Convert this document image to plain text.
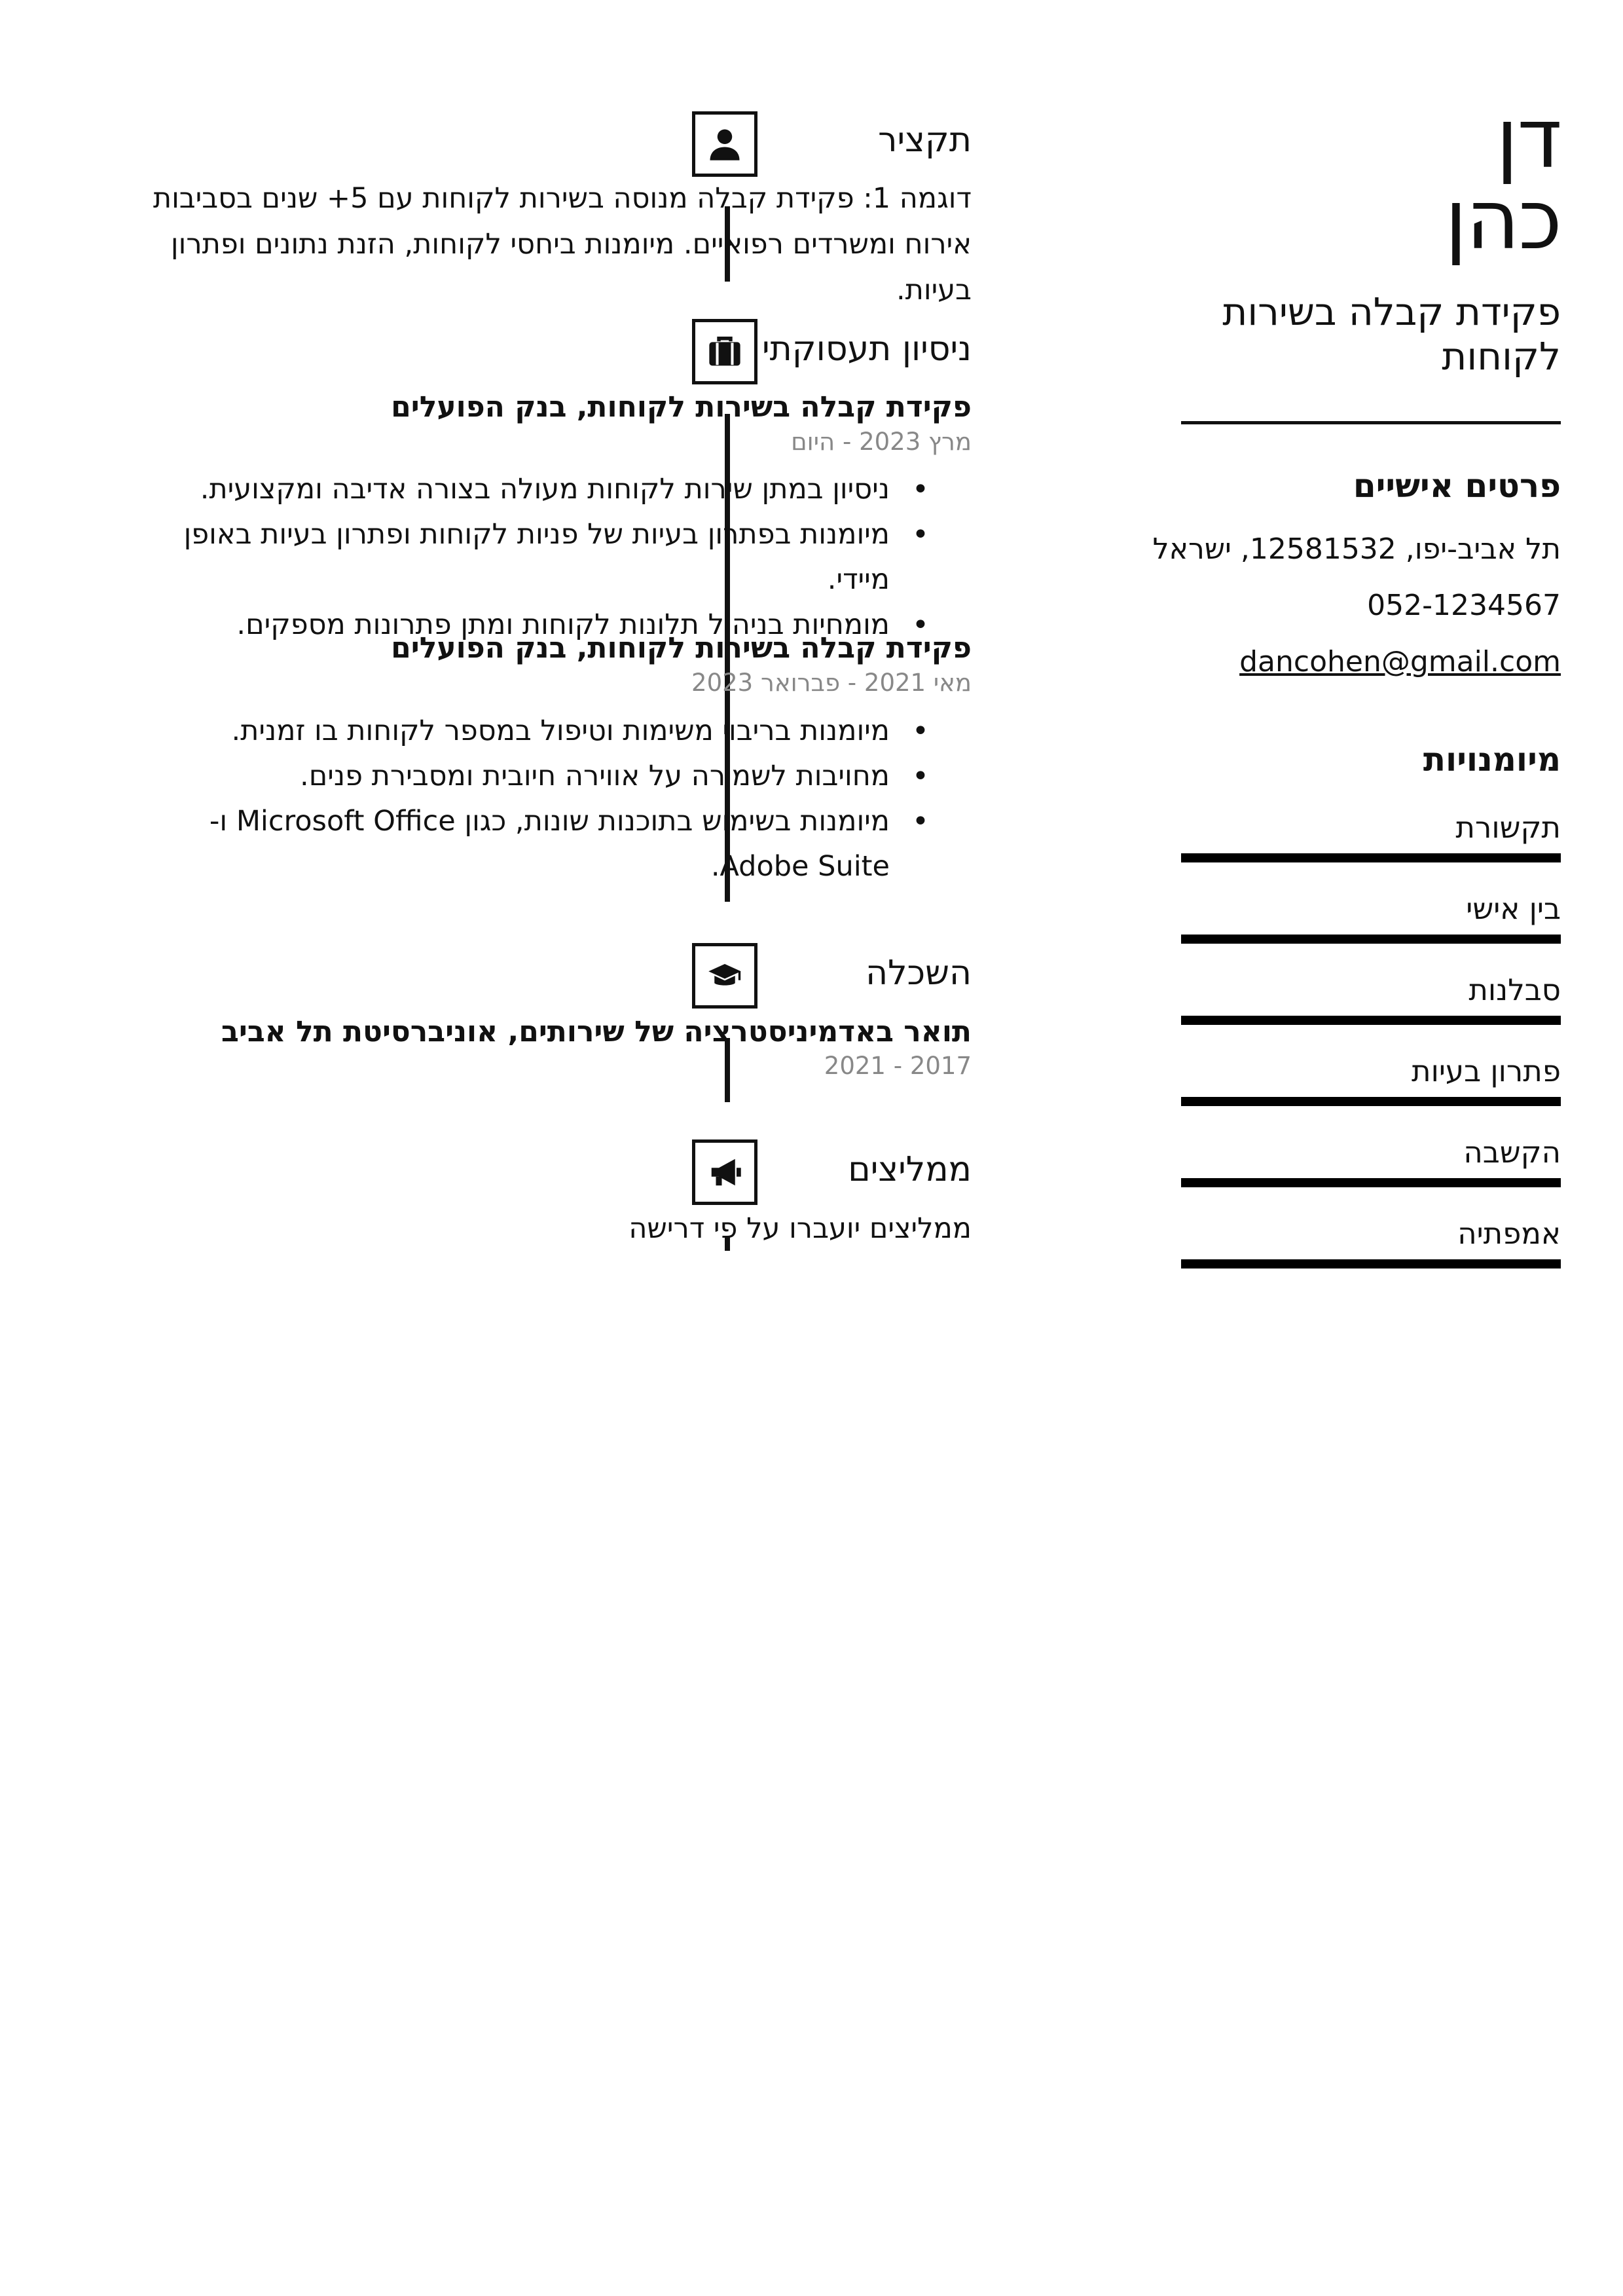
דן
כהן
פקידת קבלה בשירות לקוחות
פרטים אישיים
תל אביב-יפו, 12581532, ישראל
052-1234567
dancohen@gmail.com
מיומנויות
תקשורת
בין אישי
סבלנות
פתרון בעיות
הקשבה
אמפתיה
תקציר
דוגמה 1: פקידת קבלה מנוסה בשירות לקוחות עם 5+ שנים בסביבות אירוח ומשרדים רפואיים. מיומנות ביחסי לקוחות, הזנת נתונים ופתרון בעיות.
ניסיון תעסוקתי
פקידת קבלה בשירות לקוחות, בנק הפועלים
מרץ 2023 - היום
• ניסיון במתן שירות לקוחות מעולה בצורה אדיבה ומקצועית.
• מיומנות בפתרון בעיות של פניות לקוחות ופתרון בעיות באופן מיידי.
• מומחיות בניהול תלונות לקוחות ומתן פתרונות מספקים.
פקידת קבלה בשירות לקוחות, בנק הפועלים
מאי 2021 - פברואר 2023
• מיומנות בריבוי משימות וטיפול במספר לקוחות בו זמנית.
• מחויבות לשמירה על אווירה חיובית ומסבירת פנים.
• מיומנות בשימוש בתוכנות שונות, כגון Microsoft Office ו-Adobe Suite.
השכלה
תואר באדמיניסטרציה של שירותים, אוניברסיטת תל אביב
2017 - 2021
ממליצים
ממליצים יועברו על פי דרישה
